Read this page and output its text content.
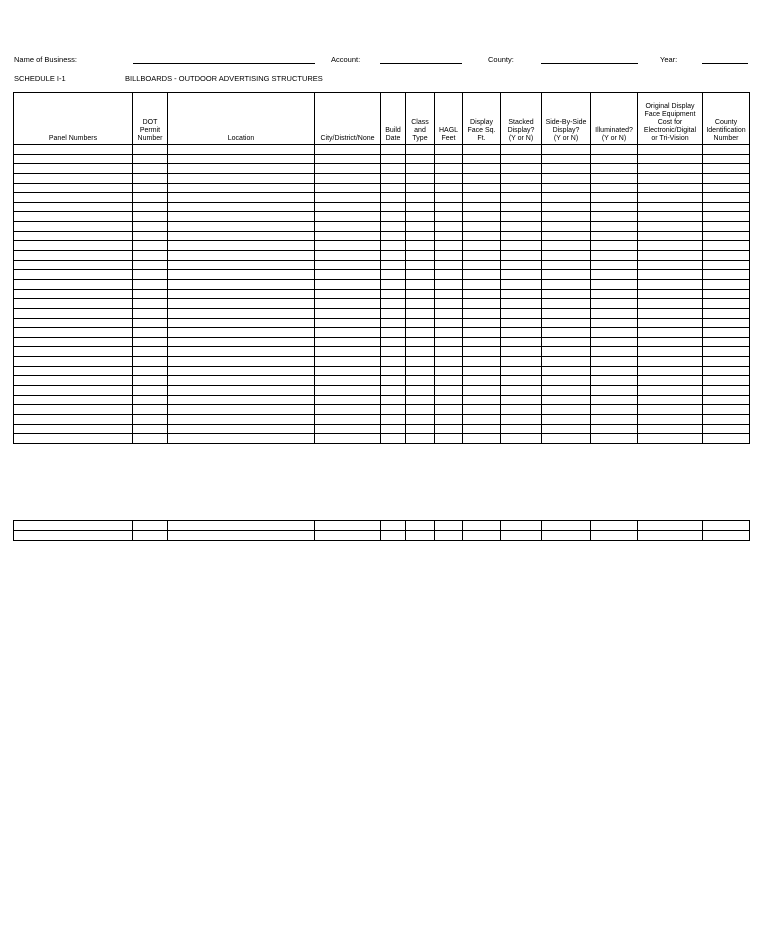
Name of Business:	Account:	County:	Year:
SCHEDULE I-1	BILLBOARDS - OUTDOOR ADVERTISING STRUCTURES
Panel Numbers	DOT
Permit
Number	Location	City/District/None	Build
Date	Class
and
Type	HAGL
Feet	Display
Face Sq.
Ft.	Stacked
Display?
(Y or N)	Side-By-Side
Display?
(Y or N)	Illuminated?
(Y or N)	Original Display
Face Equipment
Cost for
Electronic/Digital
or Tri-Vision	County
Identification
Number
